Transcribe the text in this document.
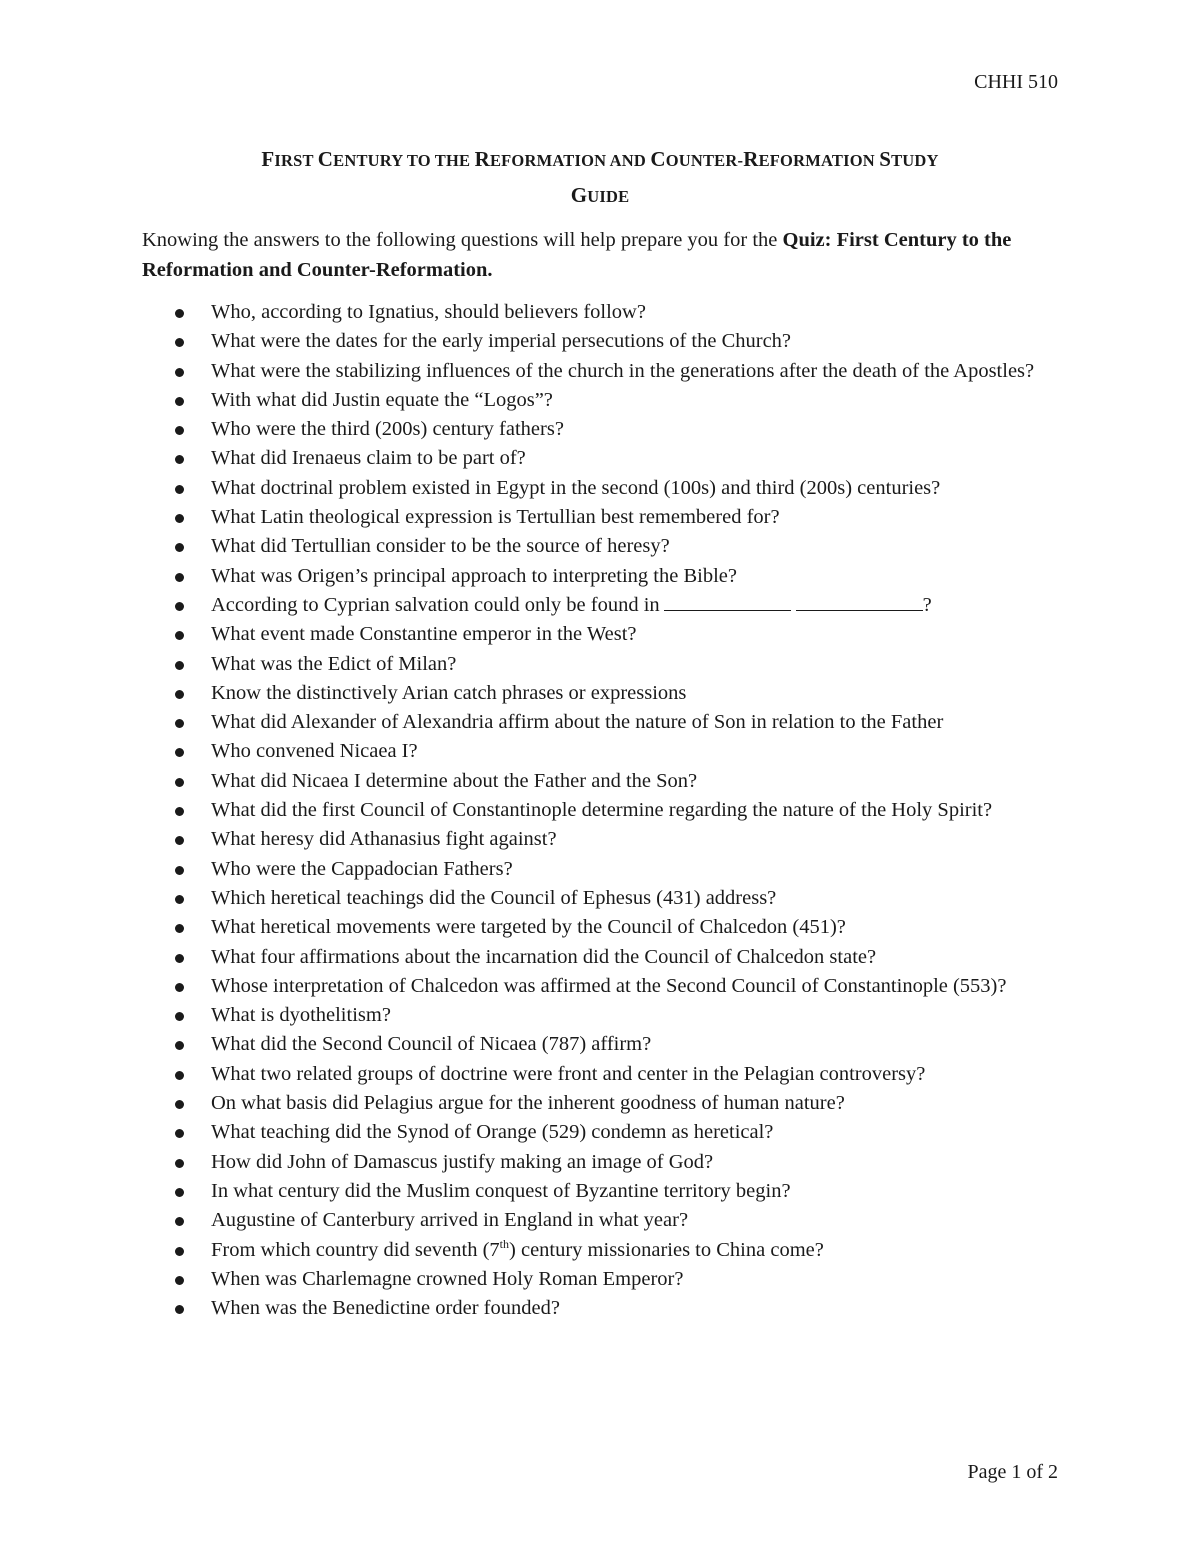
CHHI 510
FIRST CENTURY TO THE REFORMATION AND COUNTER-REFORMATION STUDY
GUIDE
Knowing the answers to the following questions will help prepare you for the Quiz: First Century to the Reformation and Counter-Reformation.
Who, according to Ignatius, should believers follow?
What were the dates for the early imperial persecutions of the Church?
What were the stabilizing influences of the church in the generations after the death of the Apostles?
With what did Justin equate the “Logos”?
Who were the third (200s) century fathers?
What did Irenaeus claim to be part of?
What doctrinal problem existed in Egypt in the second (100s) and third (200s) centuries?
What Latin theological expression is Tertullian best remembered for?
What did Tertullian consider to be the source of heresy?
What was Origen’s principal approach to interpreting the Bible?
According to Cyprian salvation could only be found in	?
What event made Constantine emperor in the West?
What was the Edict of Milan?
Know the distinctively Arian catch phrases or expressions
What did Alexander of Alexandria affirm about the nature of Son in relation to the Father
Who convened Nicaea I?
What did Nicaea I determine about the Father and the Son?
What did the first Council of Constantinople determine regarding the nature of the Holy Spirit?
What heresy did Athanasius fight against?
Who were the Cappadocian Fathers?
Which heretical teachings did the Council of Ephesus (431) address?
What heretical movements were targeted by the Council of Chalcedon (451)?
What four affirmations about the incarnation did the Council of Chalcedon state?
Whose interpretation of Chalcedon was affirmed at the Second Council of Constantinople (553)?
What is dyothelitism?
What did the Second Council of Nicaea (787) affirm?
What two related groups of doctrine were front and center in the Pelagian controversy?
On what basis did Pelagius argue for the inherent goodness of human nature?
What teaching did the Synod of Orange (529) condemn as heretical?
How did John of Damascus justify making an image of God?
In what century did the Muslim conquest of Byzantine territory begin?
Augustine of Canterbury arrived in England in what year?
From which country did seventh (7th) century missionaries to China come?
When was Charlemagne crowned Holy Roman Emperor?
When was the Benedictine order founded?
Page 1 of 2
